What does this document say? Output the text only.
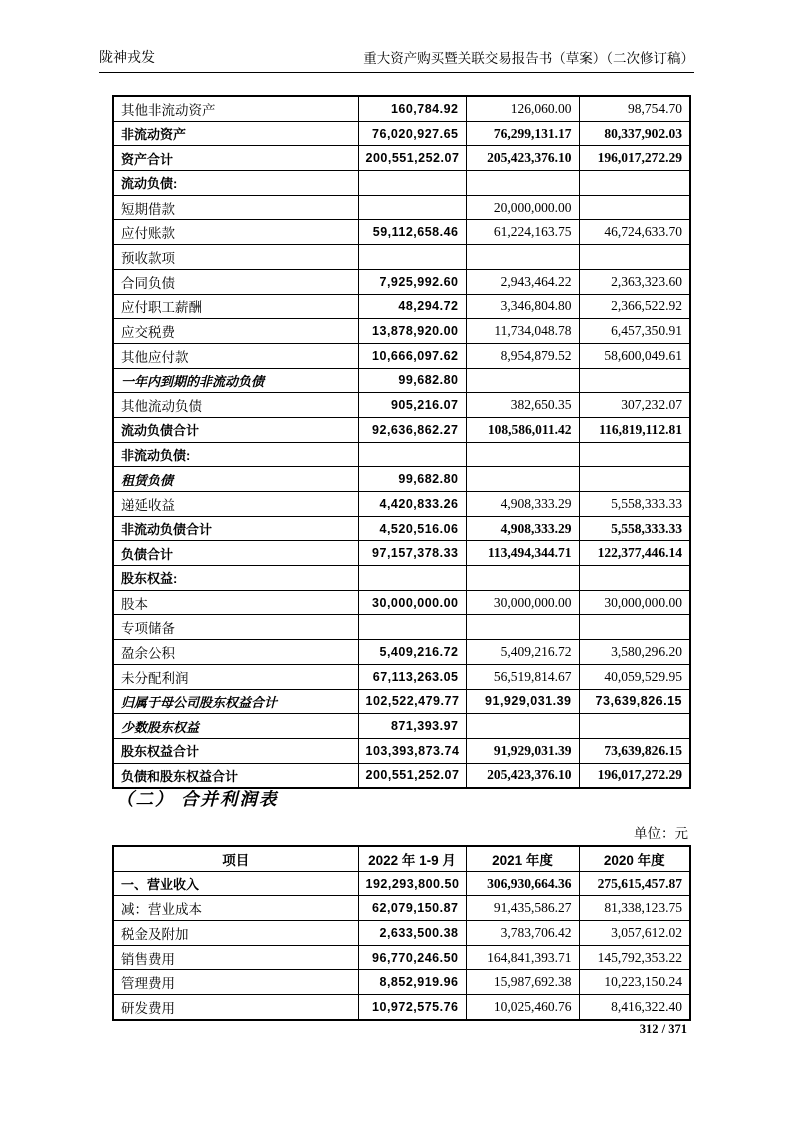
陇神戎发	重大资产购买暨关联交易报告书（草案）（二次修订稿）
其他非流动资产	160,784.92	126,060.00	98,754.70
非流动资产	76,020,927.65	76,299,131.17	80,337,902.03
资产合计	200,551,252.07	205,423,376.10	196,017,272.29
流动负债:			
短期借款		20,000,000.00	
应付账款	59,112,658.46	61,224,163.75	46,724,633.70
预收款项			
合同负债	7,925,992.60	2,943,464.22	2,363,323.60
应付职工薪酬	48,294.72	3,346,804.80	2,366,522.92
应交税费	13,878,920.00	11,734,048.78	6,457,350.91
其他应付款	10,666,097.62	8,954,879.52	58,600,049.61
一年内到期的非流动负债	99,682.80		
其他流动负债	905,216.07	382,650.35	307,232.07
流动负债合计	92,636,862.27	108,586,011.42	116,819,112.81
非流动负债:			
租赁负债	99,682.80		
递延收益	4,420,833.26	4,908,333.29	5,558,333.33
非流动负债合计	4,520,516.06	4,908,333.29	5,558,333.33
负债合计	97,157,378.33	113,494,344.71	122,377,446.14
股东权益:			
股本	30,000,000.00	30,000,000.00	30,000,000.00
专项储备			
盈余公积	5,409,216.72	5,409,216.72	3,580,296.20
未分配利润	67,113,263.05	56,519,814.67	40,059,529.95
归属于母公司股东权益合计	102,522,479.77	91,929,031.39	73,639,826.15
少数股东权益	871,393.97		
股东权益合计	103,393,873.74	91,929,031.39	73,639,826.15
负债和股东权益合计	200,551,252.07	205,423,376.10	196,017,272.29
（二） 合并利润表
单位：元
项目	2022 年 1-9 月	2021 年度	2020 年度
一、营业收入	192,293,800.50	306,930,664.36	275,615,457.87
减：营业成本	62,079,150.87	91,435,586.27	81,338,123.75
税金及附加	2,633,500.38	3,783,706.42	3,057,612.02
销售费用	96,770,246.50	164,841,393.71	145,792,353.22
管理费用	8,852,919.96	15,987,692.38	10,223,150.24
研发费用	10,972,575.76	10,025,460.76	8,416,322.40
312 / 371
